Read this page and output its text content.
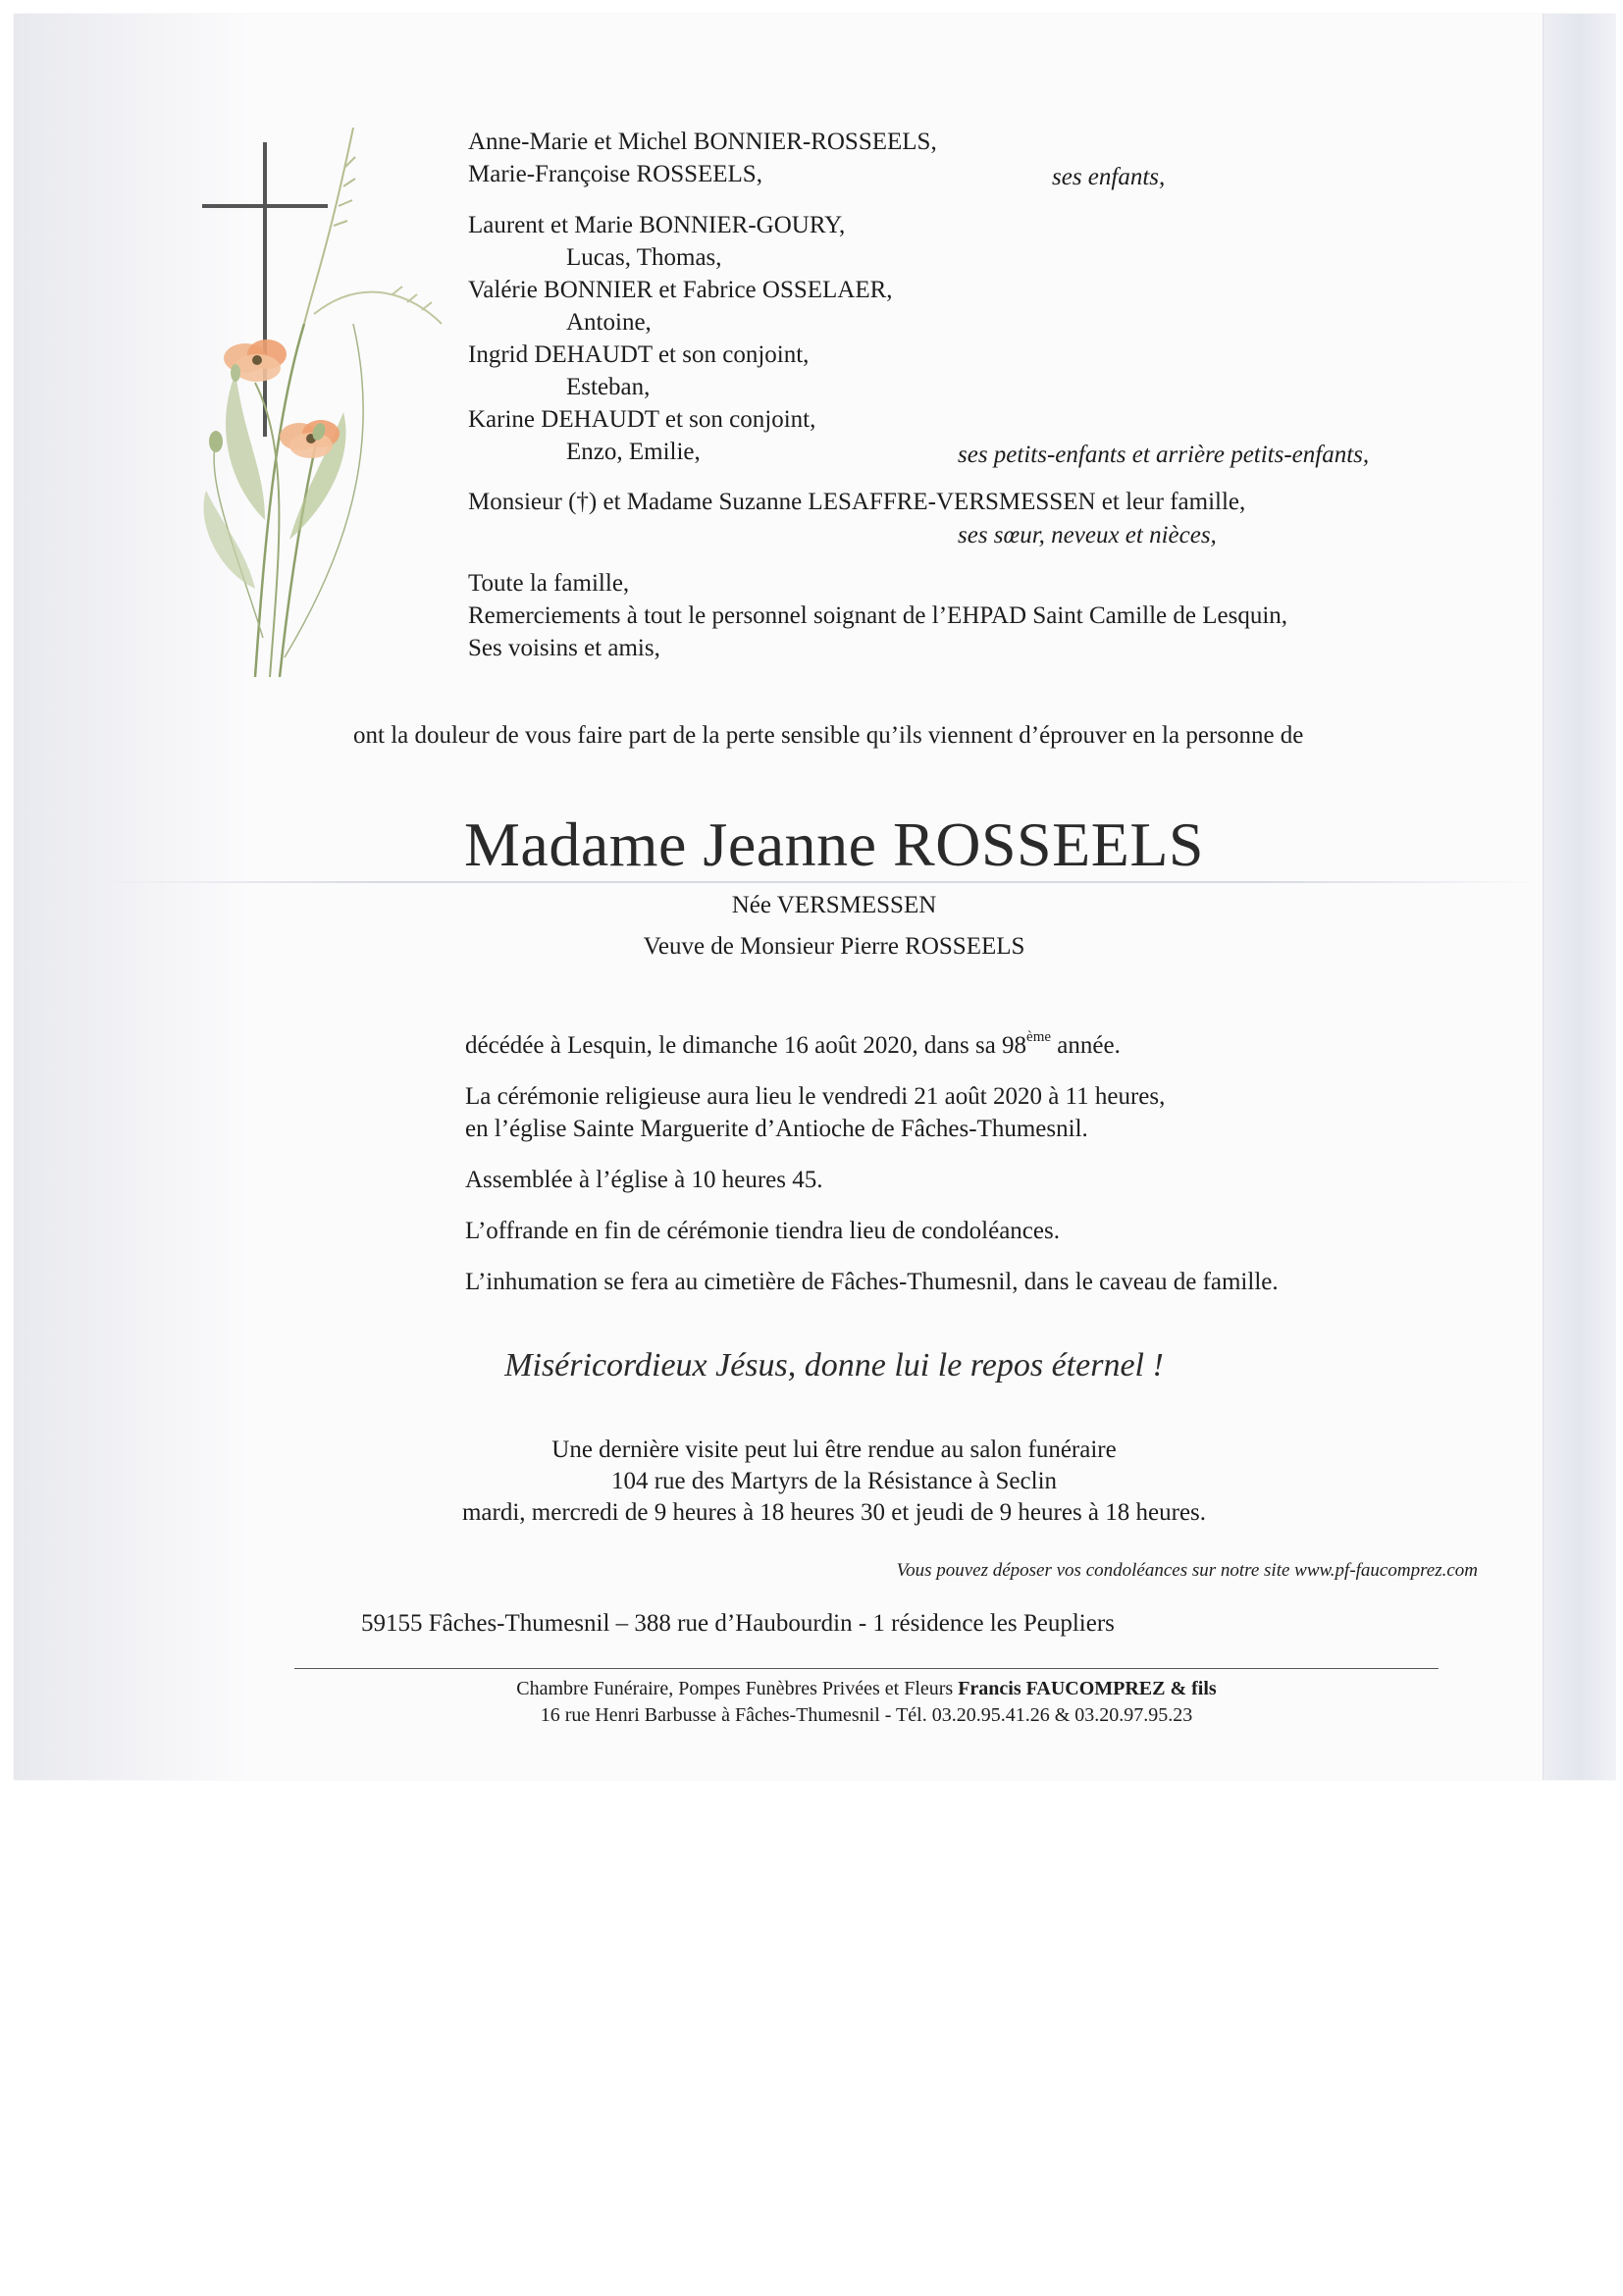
Anne-Marie et Michel BONNIER-ROSSEELS,
Marie-Françoise ROSSEELS,	ses enfants,
Laurent et Marie BONNIER-GOURY,
Lucas, Thomas,
Valérie BONNIER et Fabrice OSSELAER,
Antoine,
Ingrid DEHAUDT et son conjoint,
Esteban,
Karine DEHAUDT et son conjoint,
Enzo, Emilie,	ses petits-enfants et arrière petits-enfants,
Monsieur (†) et Madame Suzanne LESAFFRE-VERSMESSEN et leur famille,
ses sœur, neveux et nièces,
Toute la famille,
Remerciements à tout le personnel soignant de l’EHPAD Saint Camille de Lesquin,
Ses voisins et amis,
ont la douleur de vous faire part de la perte sensible qu’ils viennent d’éprouver en la personne de
Madame Jeanne ROSSEELS
Née VERSMESSEN
Veuve de Monsieur Pierre ROSSEELS
décédée à Lesquin, le dimanche 16 août 2020, dans sa 98ème année.
La cérémonie religieuse aura lieu le vendredi 21 août 2020 à 11 heures,
en l’église Sainte Marguerite d’Antioche de Fâches-Thumesnil.
Assemblée à l’église à 10 heures 45.
L’offrande en fin de cérémonie tiendra lieu de condoléances.
L’inhumation se fera au cimetière de Fâches-Thumesnil, dans le caveau de famille.
Miséricordieux Jésus, donne lui le repos éternel !
Une dernière visite peut lui être rendue au salon funéraire
104 rue des Martyrs de la Résistance à Seclin
mardi, mercredi de 9 heures à 18 heures 30 et jeudi de 9 heures à 18 heures.
Vous pouvez déposer vos condoléances sur notre site www.pf-faucomprez.com
59155 Fâches-Thumesnil – 388 rue d’Haubourdin - 1 résidence les Peupliers
Chambre Funéraire, Pompes Funèbres Privées et Fleurs Francis FAUCOMPREZ & fils
16 rue Henri Barbusse à Fâches-Thumesnil - Tél. 03.20.95.41.26 & 03.20.97.95.23
